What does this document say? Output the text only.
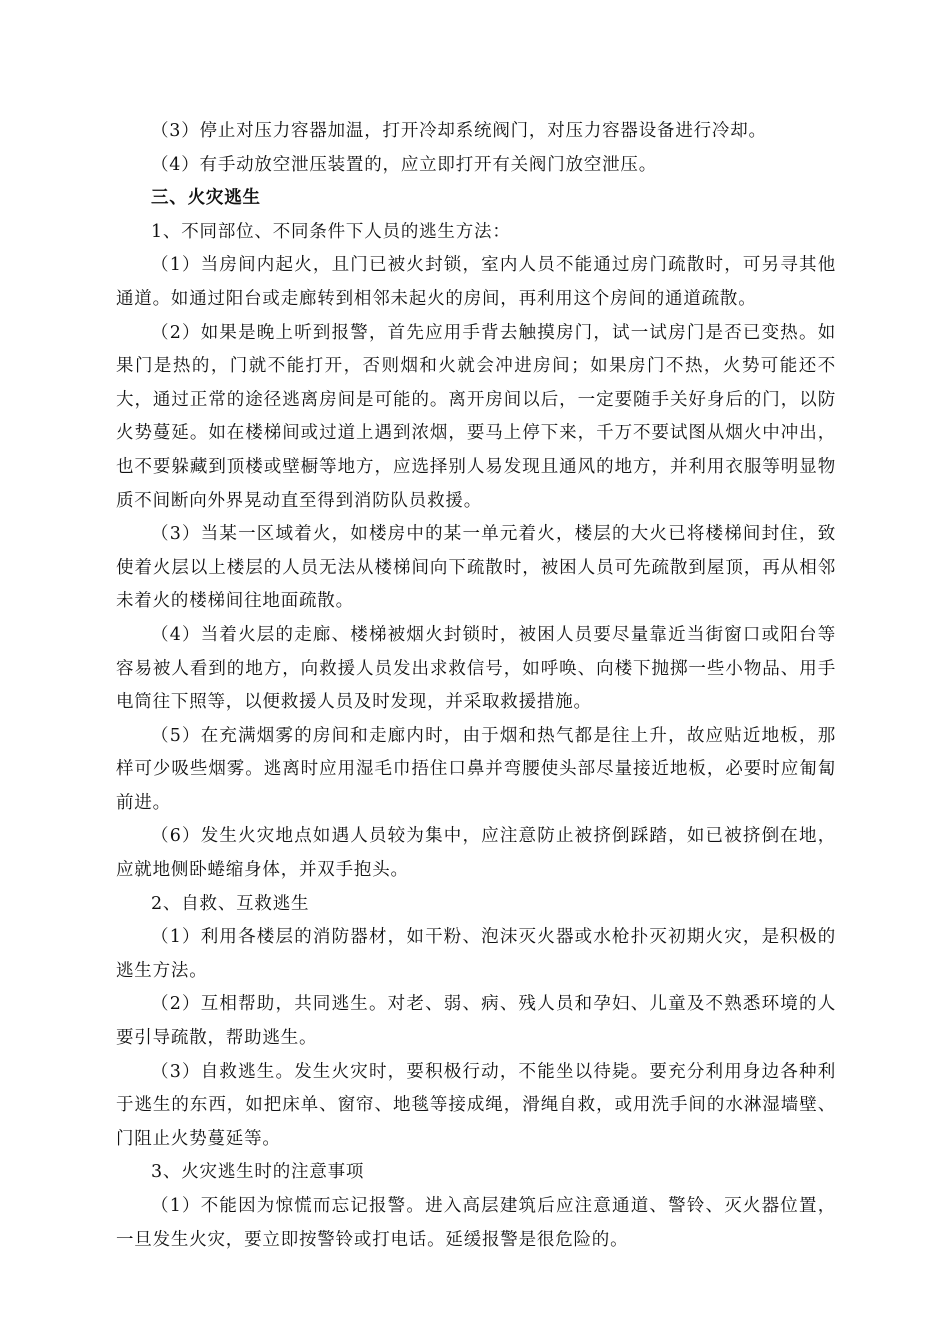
（3）停止对压力容器加温，打开冷却系统阀门，对压力容器设备进行冷却。

（4）有手动放空泄压装置的，应立即打开有关阀门放空泄压。

三、火灾逃生

1、不同部位、不同条件下人员的逃生方法：

（1）当房间内起火，且门已被火封锁，室内人员不能通过房门疏散时，可另寻其他通道。如通过阳台或走廊转到相邻未起火的房间，再利用这个房间的通道疏散。

（2）如果是晚上听到报警，首先应用手背去触摸房门，试一试房门是否已变热。如果门是热的，门就不能打开，否则烟和火就会冲进房间；如果房门不热，火势可能还不大，通过正常的途径逃离房间是可能的。离开房间以后，一定要随手关好身后的门，以防火势蔓延。如在楼梯间或过道上遇到浓烟，要马上停下来，千万不要试图从烟火中冲出，也不要躲藏到顶楼或壁橱等地方，应选择别人易发现且通风的地方，并利用衣服等明显物质不间断向外界晃动直至得到消防队员救援。

（3）当某一区域着火，如楼房中的某一单元着火，楼层的大火已将楼梯间封住，致使着火层以上楼层的人员无法从楼梯间向下疏散时，被困人员可先疏散到屋顶，再从相邻未着火的楼梯间往地面疏散。

（4）当着火层的走廊、楼梯被烟火封锁时，被困人员要尽量靠近当街窗口或阳台等容易被人看到的地方，向救援人员发出求救信号，如呼唤、向楼下抛掷一些小物品、用手电筒往下照等，以便救援人员及时发现，并采取救援措施。

（5）在充满烟雾的房间和走廊内时，由于烟和热气都是往上升，故应贴近地板，那样可少吸些烟雾。逃离时应用湿毛巾捂住口鼻并弯腰使头部尽量接近地板，必要时应匍匐前进。

（6）发生火灾地点如遇人员较为集中，应注意防止被挤倒踩踏，如已被挤倒在地，应就地侧卧蜷缩身体，并双手抱头。

2、自救、互救逃生

（1）利用各楼层的消防器材，如干粉、泡沫灭火器或水枪扑灭初期火灾，是积极的逃生方法。

（2）互相帮助，共同逃生。对老、弱、病、残人员和孕妇、儿童及不熟悉环境的人要引导疏散，帮助逃生。

（3）自救逃生。发生火灾时，要积极行动，不能坐以待毙。要充分利用身边各种利于逃生的东西，如把床单、窗帘、地毯等接成绳，滑绳自救，或用洗手间的水淋湿墙壁、门阻止火势蔓延等。

3、火灾逃生时的注意事项

（1）不能因为惊慌而忘记报警。进入高层建筑后应注意通道、警铃、灭火器位置，一旦发生火灾，要立即按警铃或打电话。延缓报警是很危险的。
